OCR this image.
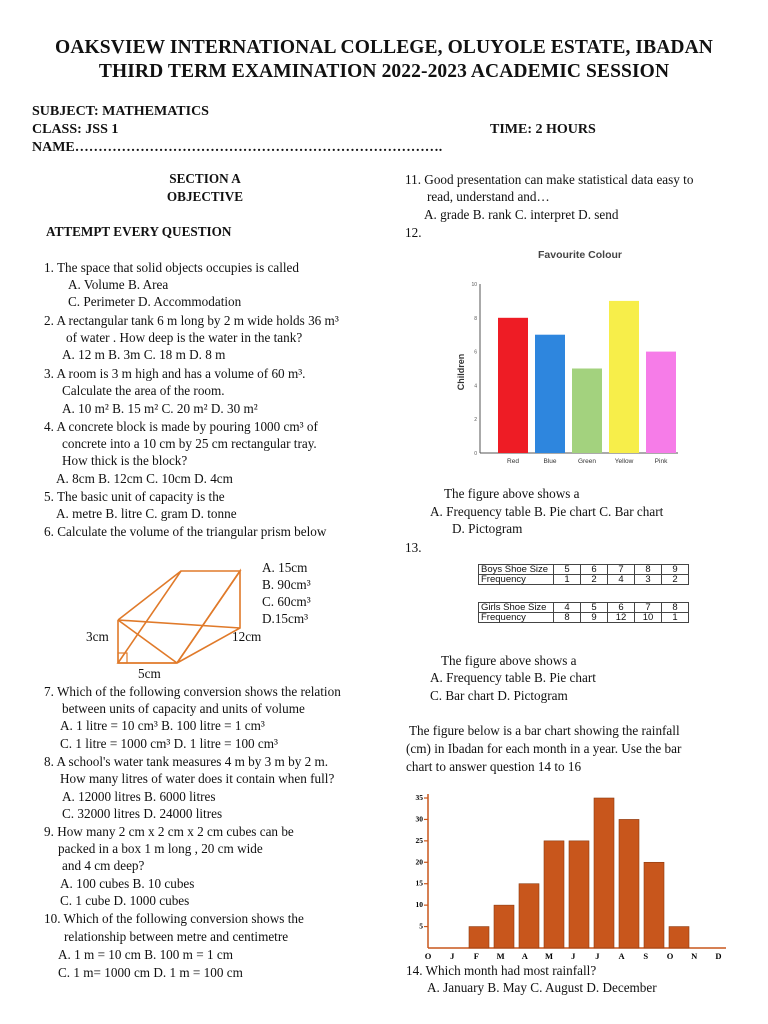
OAKSVIEW INTERNATIONAL COLLEGE, OLUYOLE ESTATE, IBADAN
THIRD TERM EXAMINATION 2022-2023 ACADEMIC SESSION
SUBJECT: MATHEMATICS
CLASS: JSS 1	TIME: 2 HOURS
NAME…………………………………………………………………….
SECTION A
OBJECTIVE
ATTEMPT EVERY QUESTION
1. The space that solid objects occupies is called
A. Volume B. Area
C. Perimeter D. Accommodation
2. A rectangular tank 6 m long by 2 m wide holds 36 m³
of water . How deep is the water in the tank?
A. 12 m B. 3m C. 18 m D. 8 m
3. A room is 3 m high and has a volume of 60 m³.
Calculate the area of the room.
A. 10 m² B. 15 m² C. 20 m² D. 30 m²
4. A concrete block is made by pouring 1000 cm³ of
concrete into a 10 cm by 25 cm rectangular tray.
How thick is the block?
A. 8cm B. 12cm C. 10cm D. 4cm
5. The basic unit of capacity is the
A. metre B. litre C. gram D. tonne
6. Calculate the volume of the triangular prism below
A. 15cm
B. 90cm³
C. 60cm³
D.15cm³
3cm	12cm
5cm
7. Which of the following conversion shows the relation
between units of capacity and units of volume
A. 1 litre = 10 cm³ B. 100 litre = 1 cm³
C. 1 litre = 1000 cm³ D. 1 litre = 100 cm³
8. A school's water tank measures 4 m by 3 m by 2 m.
How many litres of water does it contain when full?
A. 12000 litres B. 6000 litres
C. 32000 litres D. 24000 litres
9. How many 2 cm x 2 cm x 2 cm cubes can be
packed in a box 1 m long , 20 cm wide
and 4 cm deep?
A. 100 cubes B. 10 cubes
C. 1 cube D. 1000 cubes
10. Which of the following conversion shows the
relationship between metre and centimetre
A. 1 m = 10 cm B. 100 m = 1 cm
C. 1 m= 1000 cm D. 1 m = 100 cm
11. Good presentation can make statistical data easy to
read, understand and…
A. grade B. rank C. interpret D. send
12.
The figure above shows a
A. Frequency table B. Pie chart C. Bar chart
D. Pictogram
13.
The figure above shows a
A. Frequency table B. Pie chart
C. Bar chart D. Pictogram
The figure below is a bar chart showing the rainfall
(cm) in Ibadan for each month in a year. Use the bar
chart to answer question 14 to 16
14. Which month had most rainfall?
A. January B. May C. August D. December
Favourite Colour
Children
0
2
4
6
8
10
Red	Blue	Green	Yellow	Pink
Boys Shoe Size	5	6	7	8	9
Frequency	1	2	4	3	2
Girls Shoe Size	4	5	6	7	8
Frequency	8	9	12	10	1
5
10
15
20
25
30
35
O J F M A M J J A S O N D
